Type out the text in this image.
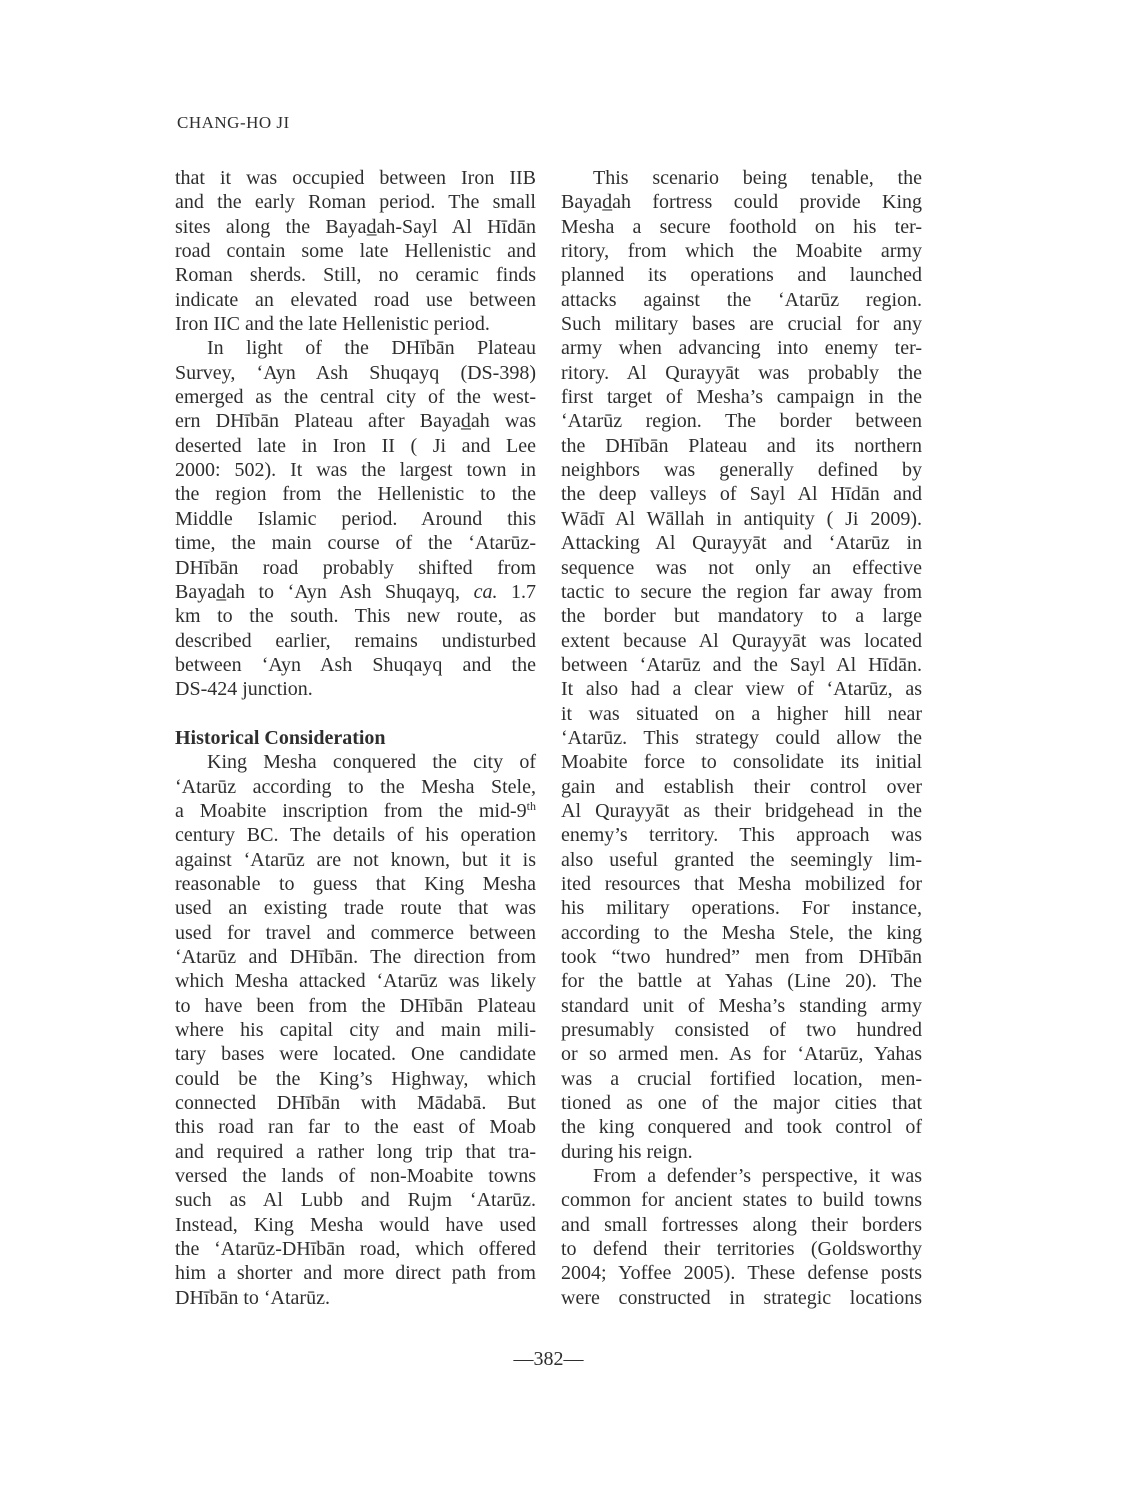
CHANG-HO JI
that it was occupied between Iron IIB
and the early Roman period. The small
sites along the Bayad̲ah-Sayl Al Hīdān
road contain some late Hellenistic and
Roman sherds. Still, no ceramic finds
indicate an elevated road use between
Iron IIC and the late Hellenistic period.
In light of the DHībān Plateau
Survey, ‘Ayn Ash Shuqayq (DS-398)
emerged as the central city of the west-
ern DHībān Plateau after Bayad̲ah was
deserted late in Iron II ( Ji and Lee
2000: 502). It was the largest town in
the region from the Hellenistic to the
Middle Islamic period. Around this
time, the main course of the ‘Atarūz-
DHībān road probably shifted from
Bayad̲ah to ‘Ayn Ash Shuqayq, ca. 1.7
km to the south. This new route, as
described earlier, remains undisturbed
between ‘Ayn Ash Shuqayq and the
DS-424 junction.
Historical Consideration
King Mesha conquered the city of
‘Atarūz according to the Mesha Stele,
a Moabite inscription from the mid-9th
century BC. The details of his operation
against ‘Atarūz are not known, but it is
reasonable to guess that King Mesha
used an existing trade route that was
used for travel and commerce between
‘Atarūz and DHībān. The direction from
which Mesha attacked ‘Atarūz was likely
to have been from the DHībān Plateau
where his capital city and main mili-
tary bases were located. One candidate
could be the King’s Highway, which
connected DHībān with Mādabā. But
this road ran far to the east of Moab
and required a rather long trip that tra-
versed the lands of non-Moabite towns
such as Al Lubb and Rujm ‘Atarūz.
Instead, King Mesha would have used
the ‘Atarūz-DHībān road, which offered
him a shorter and more direct path from
DHībān to ‘Atarūz.
This scenario being tenable, the
Bayad̲ah fortress could provide King
Mesha a secure foothold on his ter-
ritory, from which the Moabite army
planned its operations and launched
attacks against the ‘Atarūz region.
Such military bases are crucial for any
army when advancing into enemy ter-
ritory. Al Qurayyāt was probably the
first target of Mesha’s campaign in the
‘Atarūz region. The border between
the DHībān Plateau and its northern
neighbors was generally defined by
the deep valleys of Sayl Al Hīdān and
Wādī Al Wāllah in antiquity ( Ji 2009).
Attacking Al Qurayyāt and ‘Atarūz in
sequence was not only an effective
tactic to secure the region far away from
the border but mandatory to a large
extent because Al Qurayyāt was located
between ‘Atarūz and the Sayl Al Hīdān.
It also had a clear view of ‘Atarūz, as
it was situated on a higher hill near
‘Atarūz. This strategy could allow the
Moabite force to consolidate its initial
gain and establish their control over
Al Qurayyāt as their bridgehead in the
enemy’s territory. This approach was
also useful granted the seemingly lim-
ited resources that Mesha mobilized for
his military operations. For instance,
according to the Mesha Stele, the king
took “two hundred” men from DHībān
for the battle at Yahas (Line 20). The
standard unit of Mesha’s standing army
presumably consisted of two hundred
or so armed men. As for ‘Atarūz, Yahas
was a crucial fortified location, men-
tioned as one of the major cities that
the king conquered and took control of
during his reign.
From a defender’s perspective, it was
common for ancient states to build towns
and small fortresses along their borders
to defend their territories (Goldsworthy
2004; Yoffee 2005). These defense posts
were constructed in strategic locations
—382—
